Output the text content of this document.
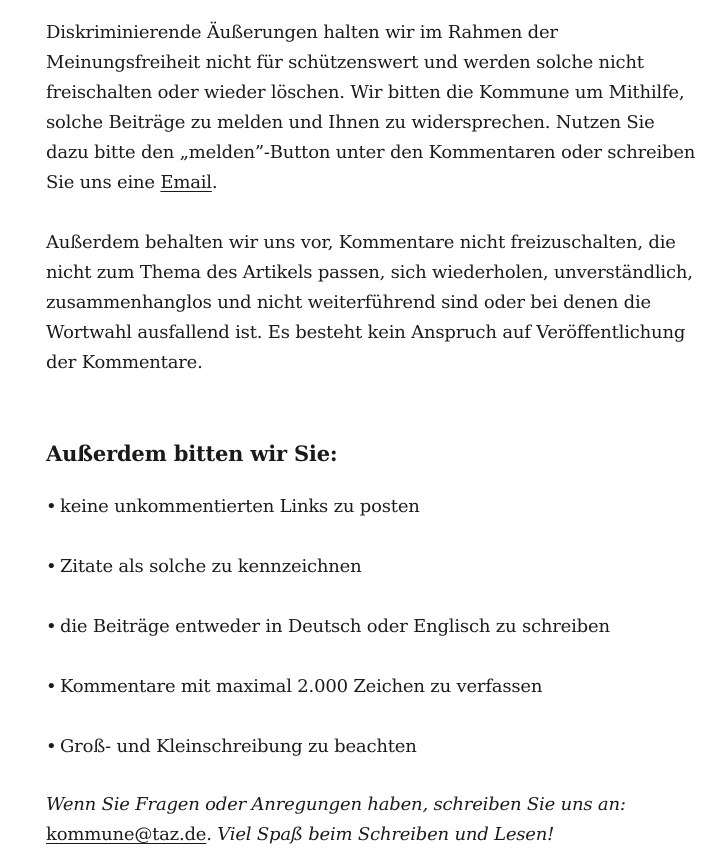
Diskriminierende Äußerungen halten wir im Rahmen der Meinungsfreiheit nicht für schützenswert und werden solche nicht freischalten oder wieder löschen. Wir bitten die Kommune um Mithilfe, solche Beiträge zu melden und Ihnen zu widersprechen. Nutzen Sie dazu bitte den „melden”-Button unter den Kommentaren oder schreiben Sie uns eine Email.

Außerdem behalten wir uns vor, Kommentare nicht freizuschalten, die nicht zum Thema des Artikels passen, sich wiederholen, unverständlich, zusammenhanglos und nicht weiterführend sind oder bei denen die Wortwahl ausfallend ist. Es besteht kein Anspruch auf Veröffentlichung der Kommentare.

Außerdem bitten wir Sie:
• keine unkommentierten Links zu posten
• Zitate als solche zu kennzeichnen
• die Beiträge entweder in Deutsch oder Englisch zu schreiben
• Kommentare mit maximal 2.000 Zeichen zu verfassen
• Groß- und Kleinschreibung zu beachten

Wenn Sie Fragen oder Anregungen haben, schreiben Sie uns an: kommune@taz.de. Viel Spaß beim Schreiben und Lesen!
